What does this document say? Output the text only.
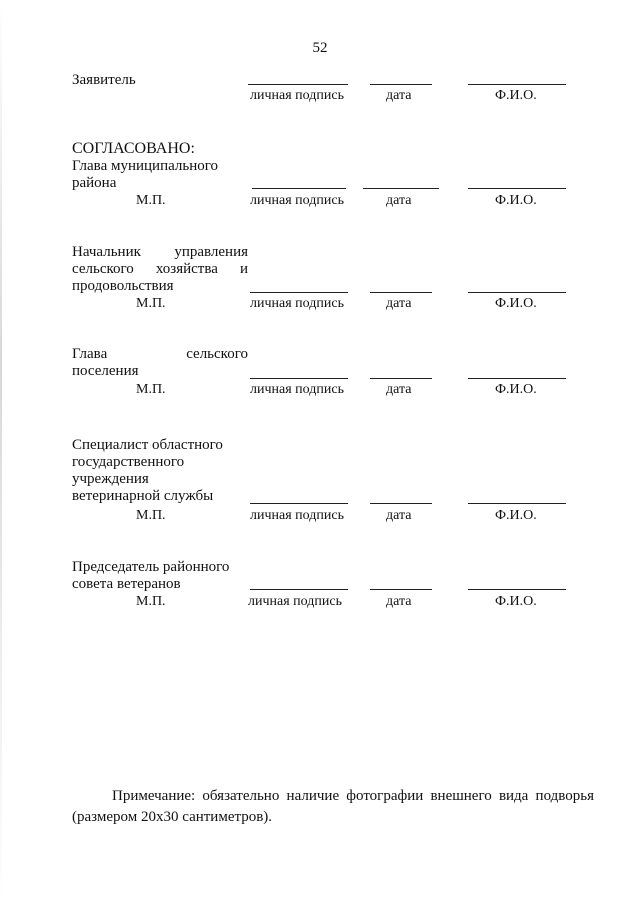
52
Заявитель
личная подпись	дата	Ф.И.О.
СОГЛАСОВАНО:
Глава муниципального
района
М.П.	личная подпись	дата	Ф.И.О.
Начальник управления
сельского хозяйства и
продовольствия
М.П.	личная подпись	дата	Ф.И.О.
Глава сельского
поселения
М.П.	личная подпись	дата	Ф.И.О.
Специалист областного
государственного
учреждения
ветеринарной службы
М.П.	личная подпись	дата	Ф.И.О.
Председатель районного
совета ветеранов
М.П.	личная подпись	дата	Ф.И.О.
Примечание: обязательно наличие фотографии внешнего вида подворья
(размером 20х30 сантиметров).
